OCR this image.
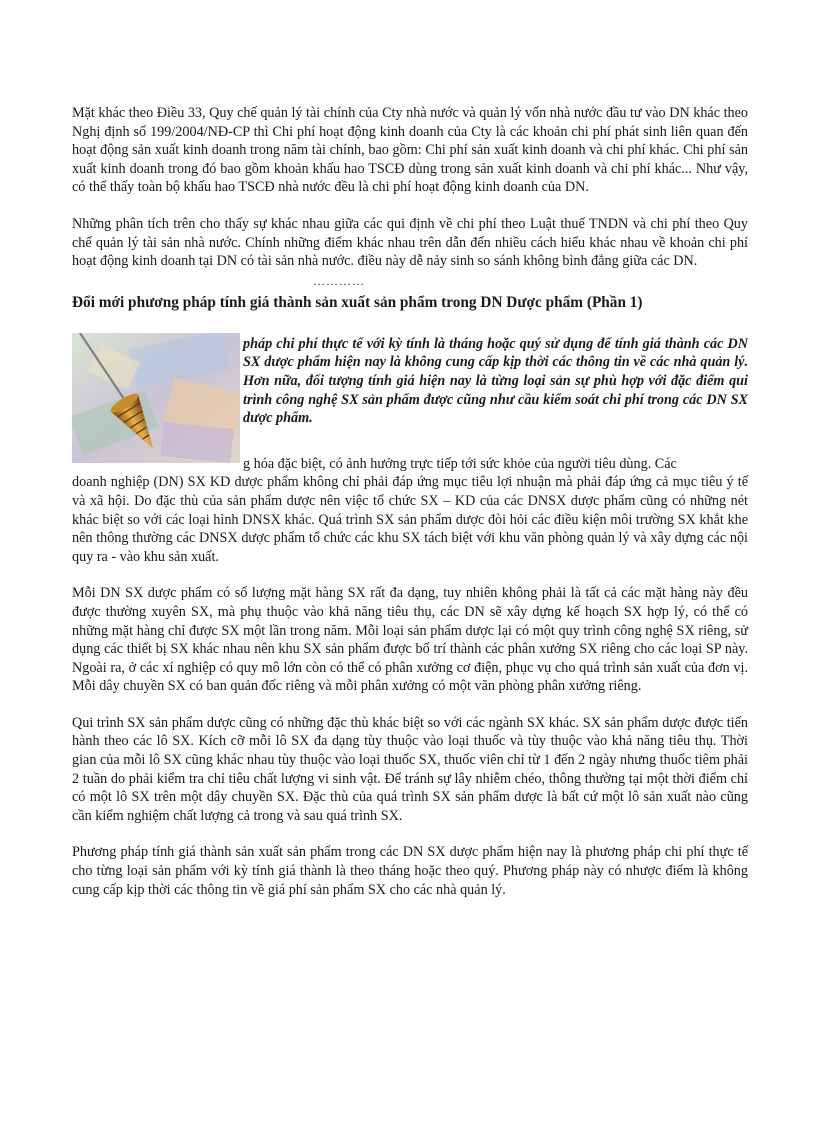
Mặt khác theo Điều 33, Quy chế quản lý tài chính của Cty nhà nước và quản lý vốn nhà nước đầu tư vào DN khác theo Nghị định số 199/2004/NĐ-CP thì Chi phí hoạt động kinh doanh của Cty là các khoản chi phí phát sinh liên quan đến hoạt động sản xuất kinh doanh trong năm tài chính, bao gồm: Chi phí sản xuất kinh doanh và chi phí khác. Chi phí sản xuất kinh doanh trong đó bao gồm khoản khấu hao TSCĐ dùng trong sản xuất kinh doanh và chi phí khác... Như vậy, có thể thấy toàn bộ khấu hao TSCĐ nhà nước đều là chi phí hoạt động kinh doanh của DN.

Những phân tích trên cho thấy sự khác nhau giữa các qui định về chi phí theo Luật thuế TNDN và chi phí theo Quy chế quản lý tài sản nhà nước. Chính những điểm khác nhau trên dẫn đến nhiều cách hiểu khác nhau về khoản chi phí hoạt động kinh doanh tại DN có tài sản nhà nước. điều này dễ nảy sinh so sánh không bình đẳng giữa các DN.

…………
Đổi mới phương pháp tính giá thành sản xuất sản phẩm trong DN Dược phẩm (Phần 1)

pháp chi phí thực tế với kỳ tính là tháng hoặc quý sử dụng để tính giá thành các DN SX dược phẩm hiện nay là không cung cấp kịp thời các thông tin về các nhà quản lý. Hơn nữa, đối tượng tính giá hiện nay là từng loại sản sự phù hợp với đặc điểm qui trình công nghệ SX sản phẩm được cũng như cầu kiểm soát chi phí trong các DN SX dược phẩm.

g hóa đặc biệt, có ảnh hưởng trực tiếp tới sức khỏe của người tiêu dùng. Các
doanh nghiệp (DN) SX KD dược phẩm không chỉ phải đáp ứng mục tiêu lợi nhuận mà phải đáp ứng cả mục tiêu ý tế và xã hội. Do đặc thù của sản phẩm dược nên việc tổ chức SX – KD của các DNSX dược phẩm cũng có những nét khác biệt so với các loại hình DNSX khác. Quá trình SX sản phẩm dược đòi hỏi các điều kiện môi trường SX khắt khe nên thông thường các DNSX dược phẩm tổ chức các khu SX tách biệt với khu văn phòng quản lý và xây dựng các nội quy ra - vào khu sản xuất.

Mỗi DN SX dược phẩm có số lượng mặt hàng SX rất đa dạng, tuy nhiên không phải là tất cả các mặt hàng này đều được thường xuyên SX, mà phụ thuộc vào khả năng tiêu thụ, các DN sẽ xây dựng kế hoạch SX hợp lý, có thể có những mặt hàng chỉ được SX một lần trong năm. Mỗi loại sản phẩm dược lại có một quy trình công nghệ SX riêng, sử dụng các thiết bị SX khác nhau nên khu SX sản phẩm được bố trí thành các phân xưởng SX riêng cho các loại SP này. Ngoài ra, ở các xí nghiệp có quy mô lớn còn có thể có phân xưởng cơ điện, phục vụ cho quá trình sản xuất của đơn vị. Mỗi dây chuyền SX có ban quản đốc riêng và mỗi phân xưởng có một văn phòng phân xưởng riêng.

Qui trình SX sản phẩm dược cũng có những đặc thù khác biệt so với các ngành SX khác. SX sản phẩm dược được tiến hành theo các lô SX. Kích cỡ mỗi lô SX đa dạng tùy thuộc vào loại thuốc và tùy thuộc vào khả năng tiêu thụ. Thời gian của mỗi lô SX cũng khác nhau tùy thuộc vào loại thuốc SX, thuốc viên chỉ từ 1 đến 2 ngày nhưng thuốc tiêm phải 2 tuần do phải kiểm tra chỉ tiêu chất lượng vi sinh vật. Để tránh sự lây nhiễm chéo, thông thường tại một thời điểm chỉ có một lô SX trên một dây chuyền SX. Đặc thù của quá trình SX sản phẩm dược là bất cứ một lô sản xuất nào cũng cần kiểm nghiệm chất lượng cả trong và sau quá trình SX.

Phương pháp tính giá thành sản xuất sản phẩm trong các DN SX dược phẩm hiện nay là phương pháp chi phí thực tế cho từng loại sản phẩm với kỳ tính giá thành là theo tháng hoặc theo quý. Phương pháp này có nhược điểm là không cung cấp kịp thời các thông tin về giá phí sản phẩm SX cho các nhà quản lý.
